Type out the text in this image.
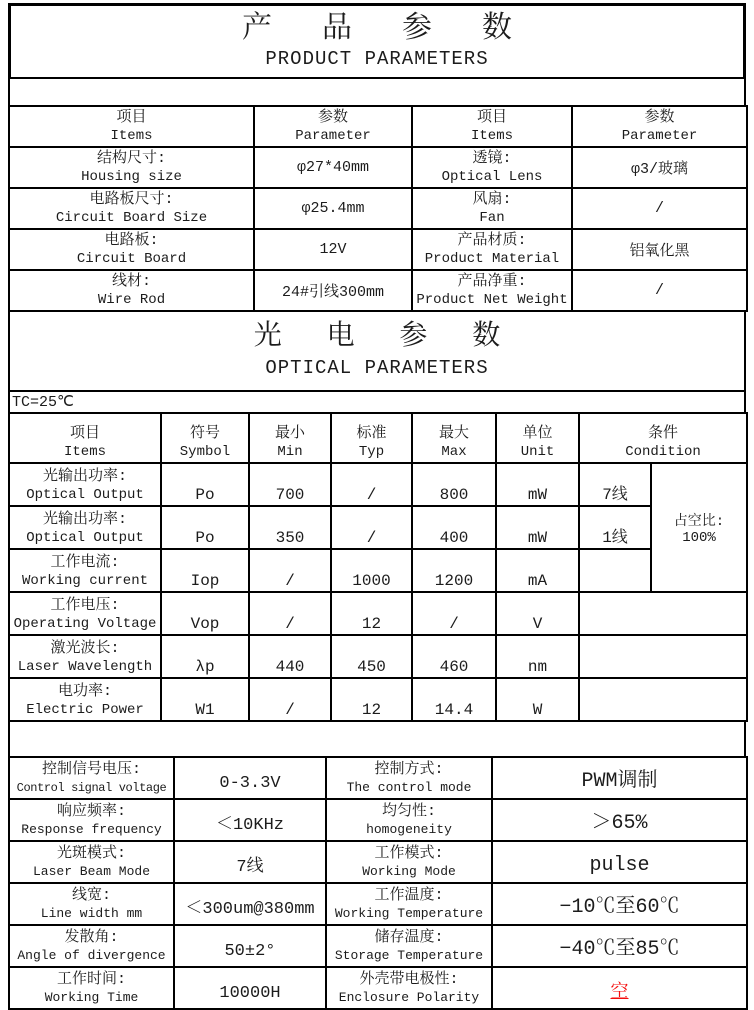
产 品 参 数
PRODUCT PARAMETERS
项目
Items	参数
Parameter	项目
Items	参数
Parameter

结构尺寸:
Housing size	φ27*40mm	透镜:
Optical Lens	φ3/玻璃

电路板尺寸:
Circuit Board Size	φ25.4mm	风扇:
Fan	/

电路板:
Circuit Board	12V	产品材质:
Product Material	铝氧化黑

线材:
Wire Rod	24#引线300mm	产品净重:
Product Net Weight	/
光 电 参 数
OPTICAL PARAMETERS
TC=25℃
项目
Items	符号
Symbol	最小
Min	标准
Typ	最大
Max	单位
Unit	条件
Condition	

光输出功率:
Optical Output	Po	700	/	800	mW	7线	占空比: 100%

光输出功率:
Optical Output	Po	350	/	400	mW	1线	

工作电流:
Working current	Iop	/	1000	1200	mA		

工作电压:
Operating Voltage	Vop	/	12	/	V		

激光波长:
Laser Wavelength	λp	440	450	460	nm		

电功率:
Electric Power	W1	/	12	14.4	W		
控制信号电压:
Control signal voltage	0-3.3V	控制方式:
The control mode	PWM调制

响应频率:
Response frequency	＜10KHz	均匀性:
homogeneity	＞65%

光斑模式:
Laser Beam Mode	7线	工作模式:
Working Mode	pulse

线宽:
Line width mm	＜300um@380mm	工作温度:
Working Temperature	−10℃至60℃

发散角:
Angle of divergence	50±2°	储存温度:
Storage Temperature	−40℃至85℃

工作时间:
Working Time	10000H	外壳带电极性:
Enclosure Polarity	空
